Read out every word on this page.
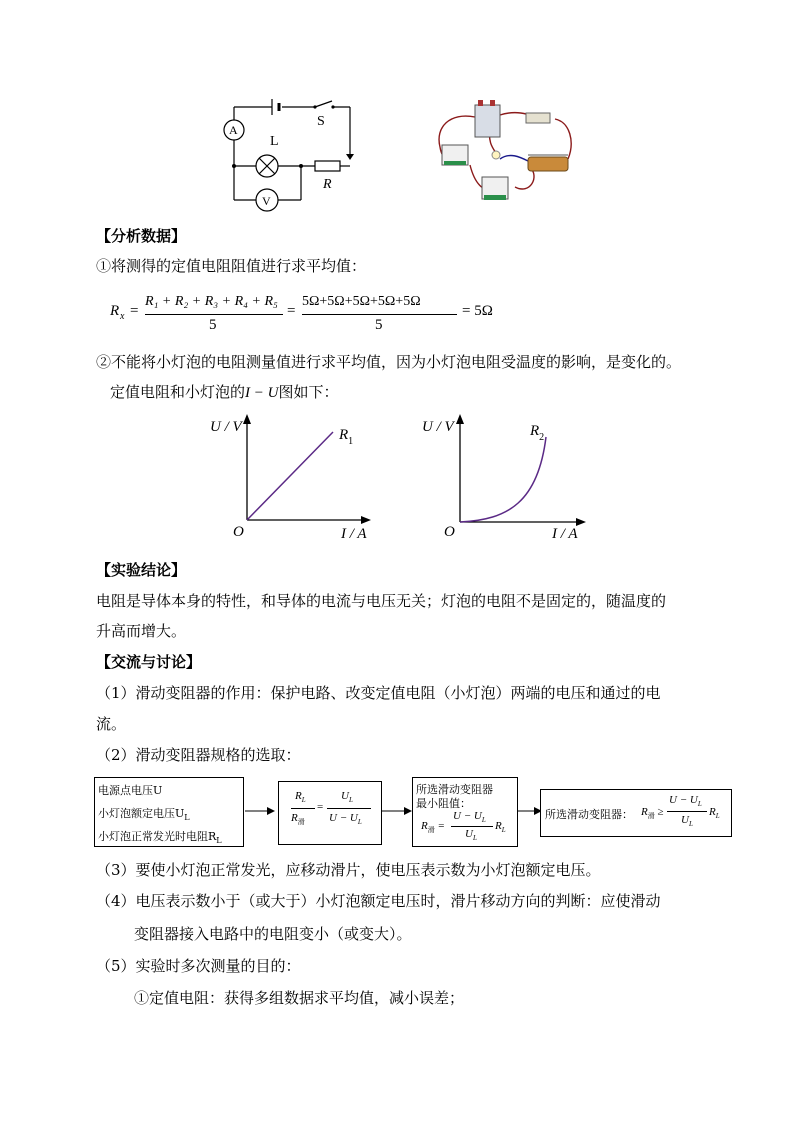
A
S
L
R
V
【分析数据】
①将测得的定值电阻阻值进行求平均值：
R x =
R₁ + R₂ + R₃ + R₄ + R₅
5
=
5Ω+5Ω+5Ω+5Ω+5Ω
5
= 5Ω
②不能将小灯泡的电阻测量值进行求平均值，因为小灯泡电阻受温度的影响，是变化的。
定值电阻和小灯泡的I − U图如下：
U / V
I / A
O
$R_1$
U / V
I / A
O
$R_2$
【实验结论】
电阻是导体本身的特性，和导体的电流与电压无关；灯泡的电阻不是固定的，随温度的
升高而增大。
【交流与讨论】
（1）滑动变阻器的作用：保护电路、改变定值电阻（小灯泡）两端的电压和通过的电
流。
（2）滑动变阻器规格的选取：
电源点电压U
小灯泡额定电压$U_L$
小灯泡正常发光时电阻$R_L$
$R_L$
$R_滑$
=
$U_L$
$U - U_L$
所选滑动变阻器
最小阻值：
$R_滑$ =
$U - U_L$
$U_L$
$R_L$
所选滑动变阻器： $R_滑$ ≥
$U - U_L$
$U_L$
$R_L$
（3）要使小灯泡正常发光，应移动滑片，使电压表示数为小灯泡额定电压。
（4）电压表示数小于（或大于）小灯泡额定电压时，滑片移动方向的判断：应使滑动
变阻器接入电路中的电阻变小（或变大）。
（5）实验时多次测量的目的：
①定值电阻：获得多组数据求平均值，减小误差；
